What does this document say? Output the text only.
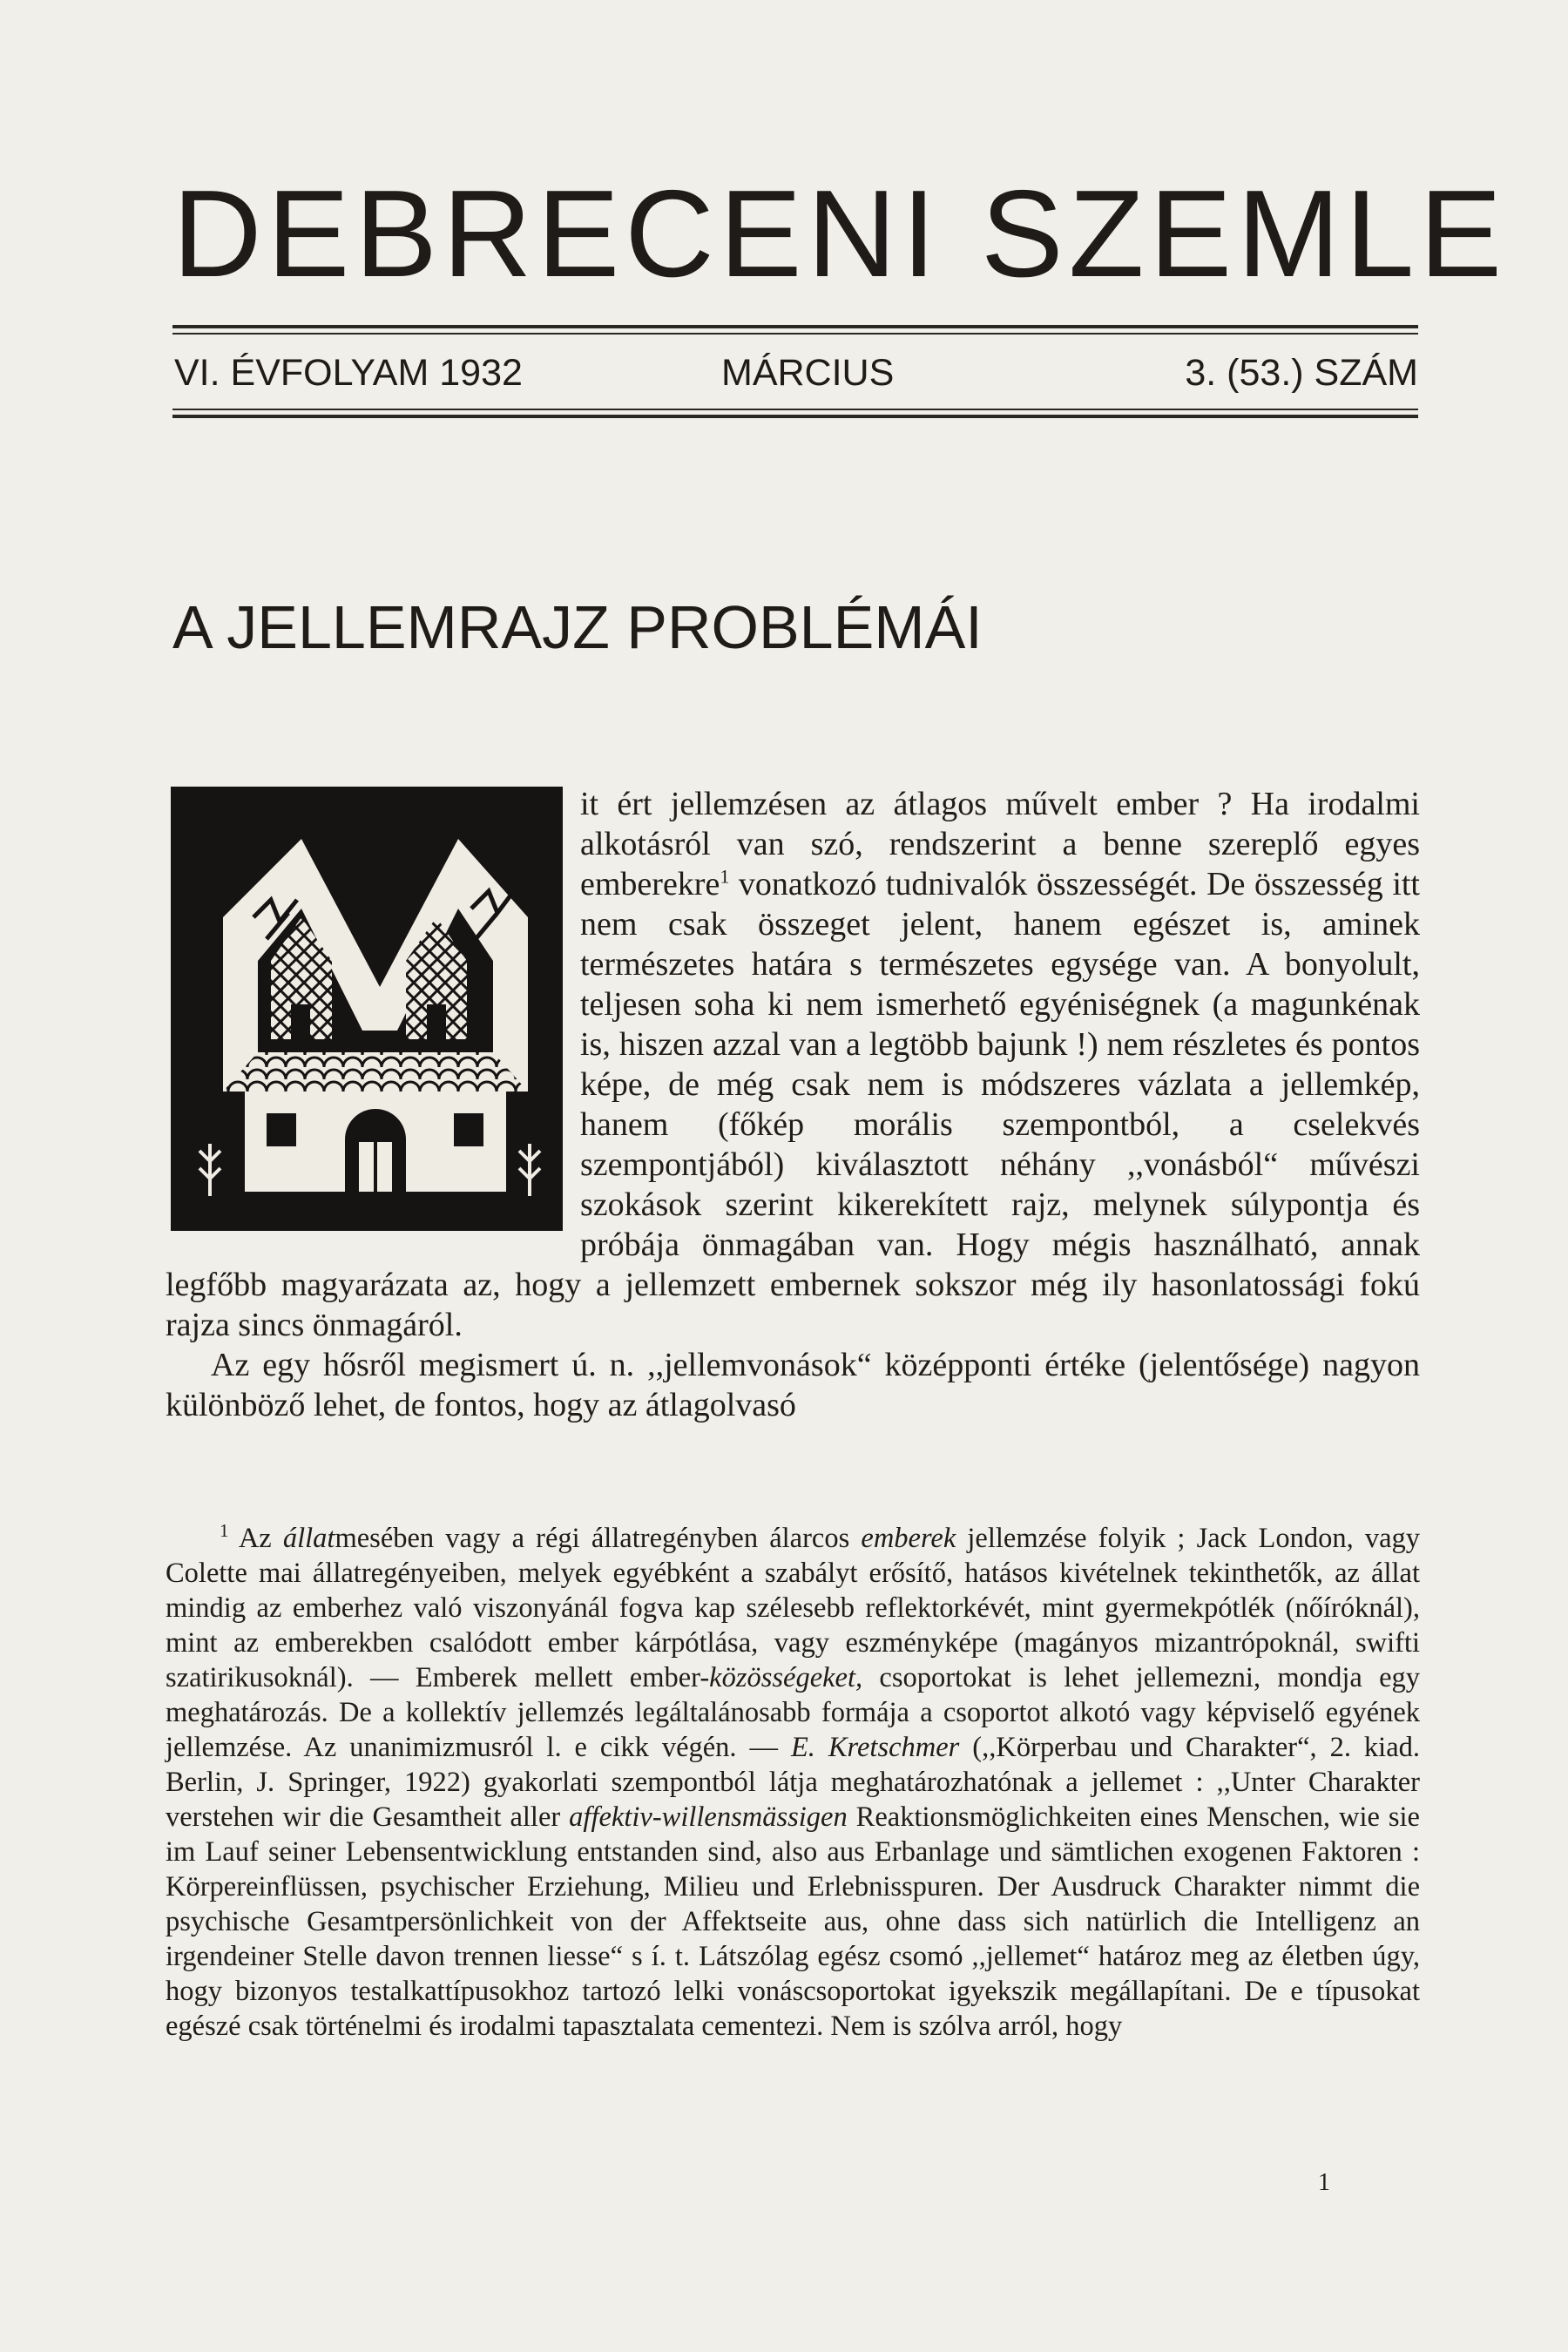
DEBRECENI SZEMLE
VI. ÉVFOLYAM 1932	MÁRCIUS	3. (53.) SZÁM
A JELLEMRAJZ PROBLÉMÁI

it ért jellemzésen az átlagos művelt ember ? Ha irodalmi alkotásról van szó, rendszerint a benne szereplő egyes emberekre$^1$ vonatkozó tudnivalók összességét. De összesség itt nem csak összeget jelent, hanem egészet is, aminek természetes határa s természetes egysége van. A bonyolult, teljesen soha ki nem ismerhető egyéniségnek (a magunkénak is, hiszen azzal van a legtöbb bajunk !) nem részletes és pontos képe, de még csak nem is módszeres vázlata a jellemkép, hanem (főkép morális szempontból, a cselekvés szempontjából) kiválasztott néhány ,,vonásból“ művészi szokások szerint kikerekített rajz, melynek súlypontja és próbája önmagában van. Hogy mégis használható, annak legfőbb magyarázata az, hogy a jellemzett embernek sokszor még ily hasonlatossági fokú rajza sincs önmagáról.

Az egy hősről megismert ú. n. ,,jellemvonások“ középponti értéke (jelentősége) nagyon különböző lehet, de fontos, hogy az átlagolvasó

$^1$ Az állatmesében vagy a régi állatregényben álarcos emberek jellemzése folyik ; Jack London, vagy Colette mai állatregényeiben, melyek egyébként a szabályt erősítő, hatásos kivételnek tekinthetők, az állat mindig az emberhez való viszonyánál fogva kap szélesebb reflektorkévét, mint gyermekpótlék (nőíróknál), mint az emberekben csalódott ember kárpótlása, vagy eszményképe (magányos mizantrópoknál, swifti szatirikusoknál). — Emberek mellett ember-közösségeket, csoportokat is lehet jellemezni, mondja egy meghatározás. De a kollektív jellemzés legáltalánosabb formája a csoportot alkotó vagy képviselő egyének jellemzése. Az unanimizmusról l. e cikk végén. — E. Kretschmer (,,Körperbau und Charakter“, 2. kiad. Berlin, J. Springer, 1922) gyakorlati szempontból látja meghatározhatónak a jellemet : ,,Unter Charakter verstehen wir die Gesamtheit aller affektiv-willensmässigen Reaktionsmöglichkeiten eines Menschen, wie sie im Lauf seiner Lebensentwicklung entstanden sind, also aus Erbanlage und sämtlichen exogenen Faktoren : Körpereinflüssen, psychischer Erziehung, Milieu und Erlebnisspuren. Der Ausdruck Charakter nimmt die psychische Gesamtpersönlichkeit von der Affektseite aus, ohne dass sich natürlich die Intelligenz an irgendeiner Stelle davon trennen liesse“ s í. t. Látszólag egész csomó ,,jellemet“ határoz meg az életben úgy, hogy bizonyos testalkattípusokhoz tartozó lelki vonáscsoportokat igyekszik megállapítani. De e típusokat egészé csak történelmi és irodalmi tapasztalata cementezi. Nem is szólva arról, hogy

1
